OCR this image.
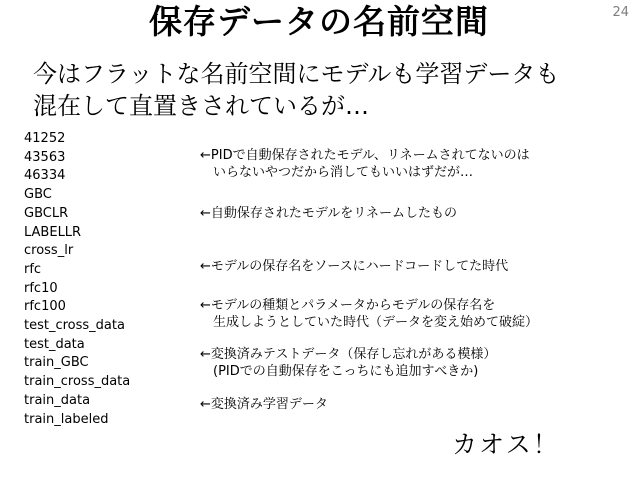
保存データの名前空間	24
今はフラットな名前空間にモデルも学習データも
混在して直置きされているが…
41252
43563
46334
GBC
GBCLR
LABELLR
cross_lr
rfc
rfc10
rfc100
test_cross_data
test_data
train_GBC
train_cross_data
train_data
train_labeled
←PIDで自動保存されたモデル、リネームされてないのは
いらないやつだから消してもいいはずだが…
←自動保存されたモデルをリネームしたもの
←モデルの保存名をソースにハードコードしてた時代
←モデルの種類とパラメータからモデルの保存名を
生成しようとしていた時代（データを変え始めて破綻）
←変換済みテストデータ（保存し忘れがある模様）
(PIDでの自動保存をこっちにも追加すべきか)
←変換済み学習データ
カオス！
